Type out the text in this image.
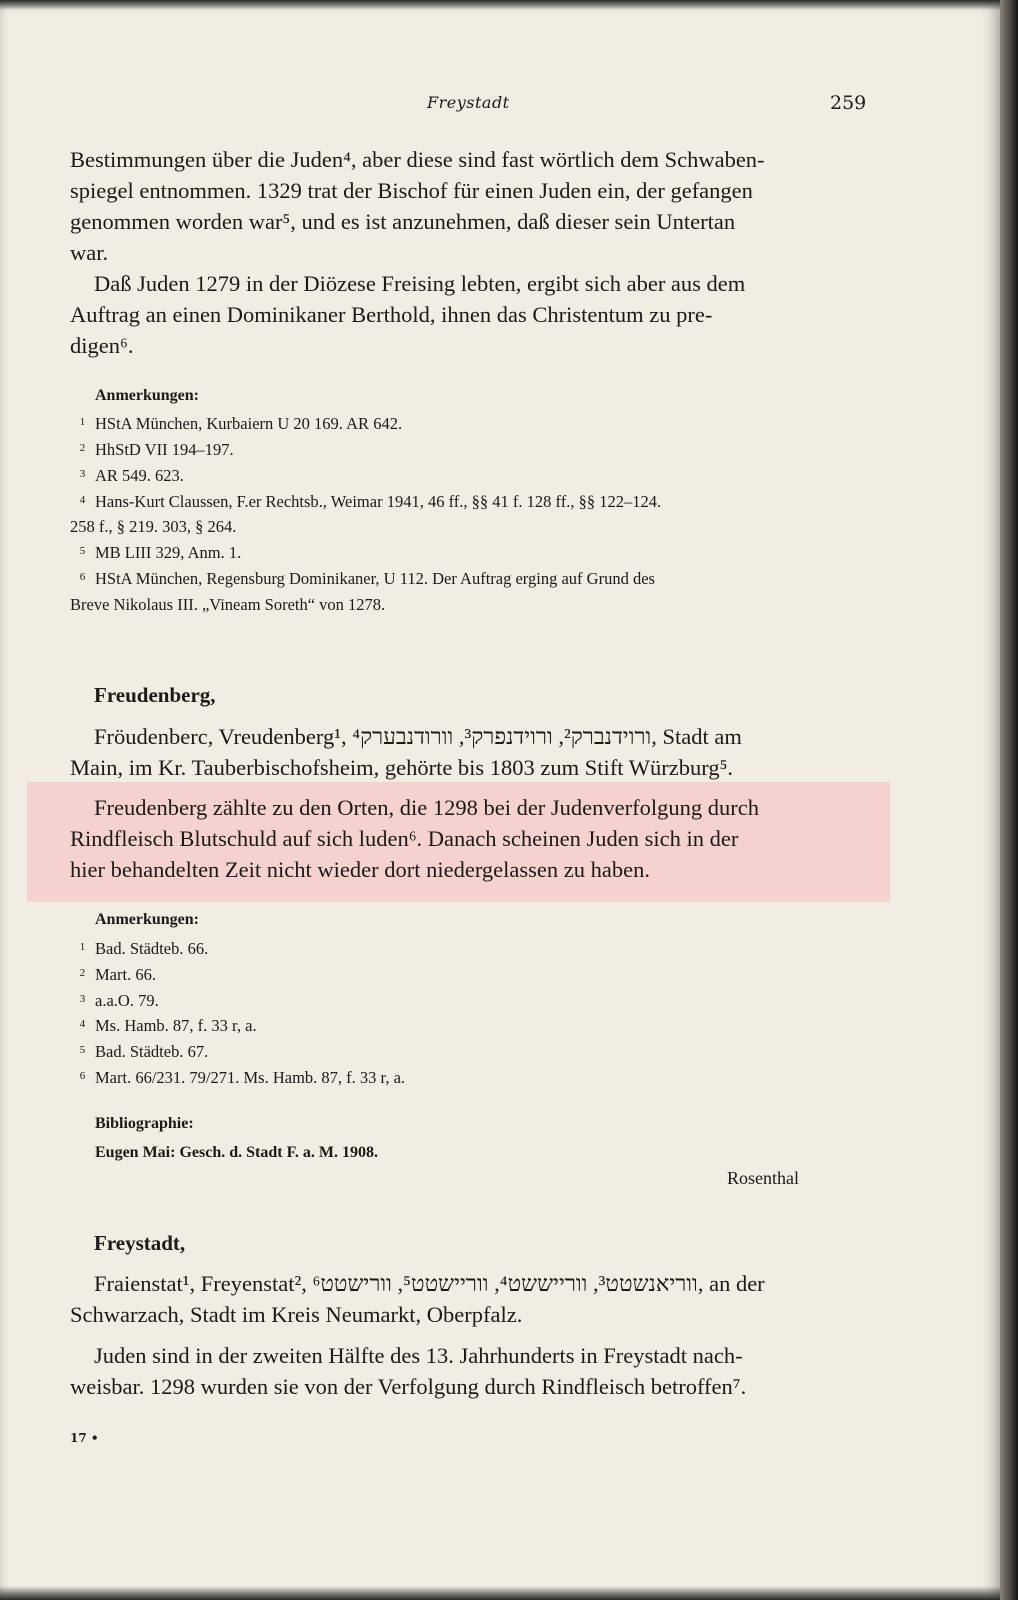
Freystadt	259
Bestimmungen über die Juden⁴, aber diese sind fast wörtlich dem Schwaben-
spiegel entnommen. 1329 trat der Bischof für einen Juden ein, der gefangen
genommen worden war⁵, und es ist anzunehmen, daß dieser sein Untertan
war.
Daß Juden 1279 in der Diözese Freising lebten, ergibt sich aber aus dem
Auftrag an einen Dominikaner Berthold, ihnen das Christentum zu pre-
digen⁶.
Anmerkungen:
1 HStA München, Kurbaiern U 20 169. AR 642.
2 HhStD VII 194–197.
3 AR 549. 623.
4 Hans-Kurt Claussen, F.er Rechtsb., Weimar 1941, 46 ff., §§ 41 f. 128 ff., §§ 122–124.
258 f., § 219. 303, § 264.
5 MB LIII 329, Anm. 1.
6 HStA München, Regensburg Dominikaner, U 112. Der Auftrag erging auf Grund des
Breve Nikolaus III. „Vineam Soreth“ von 1278.
Freudenberg,
Fröudenberc, Vreudenberg¹, ורוידנברק², ורוידנפרק³, וורודנבערק⁴, Stadt am
Main, im Kr. Tauberbischofsheim, gehörte bis 1803 zum Stift Würzburg⁵.
Freudenberg zählte zu den Orten, die 1298 bei der Judenverfolgung durch
Rindfleisch Blutschuld auf sich luden⁶. Danach scheinen Juden sich in der
hier behandelten Zeit nicht wieder dort niedergelassen zu haben.
Anmerkungen:
1 Bad. Städteb. 66.
2 Mart. 66.
3 a.a.O. 79.
4 Ms. Hamb. 87, f. 33 r, a.
5 Bad. Städteb. 67.
6 Mart. 66/231. 79/271. Ms. Hamb. 87, f. 33 r, a.
Bibliographie:
Eugen Mai: Gesch. d. Stadt F. a. M. 1908.
Rosenthal
Freystadt,
Fraienstat¹, Freyenstat², ווריאנשטט³, וורייששט⁴, ווריישטט⁵, וורישטט⁶, an der
Schwarzach, Stadt im Kreis Neumarkt, Oberpfalz.
Juden sind in der zweiten Hälfte des 13. Jahrhunderts in Freystadt nach-
weisbar. 1298 wurden sie von der Verfolgung durch Rindfleisch betroffen⁷.
17 •
